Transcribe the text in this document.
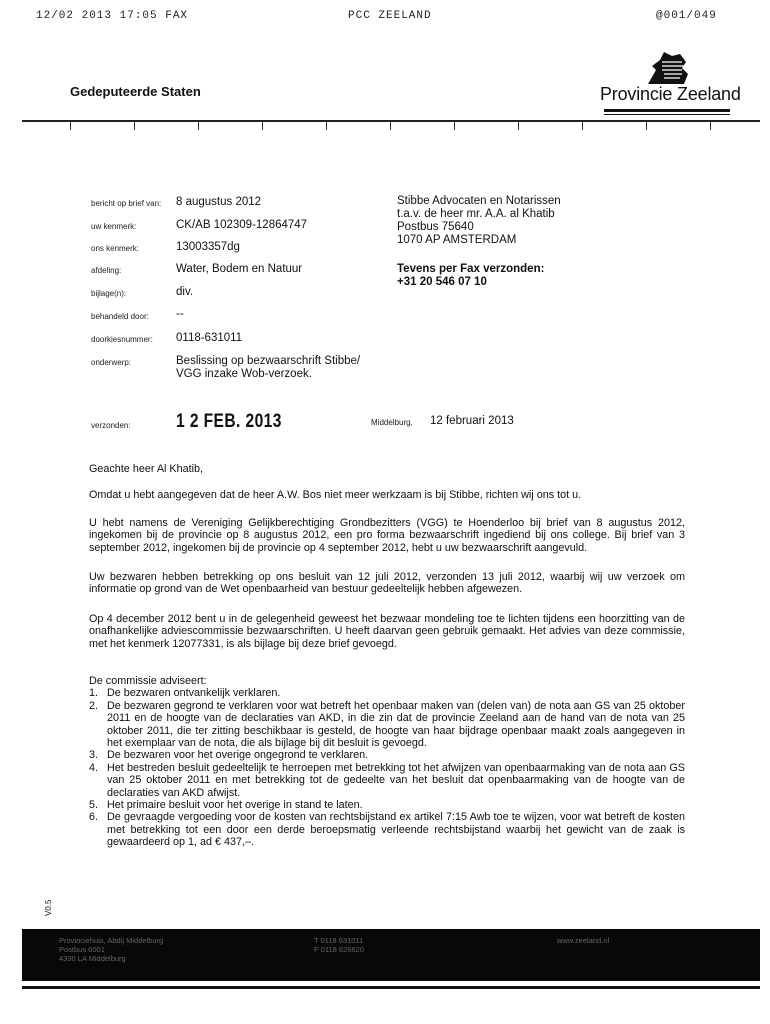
12/02 2013 17:05 FAX	PCC ZEELAND	@001/049
Gedeputeerde Staten	Provincie Zeeland
bericht op brief van: 8 augustus 2012
uw kenmerk:	CK/AB 102309-12864747
ons kenmerk:	13003357dg
afdeling:	Water, Bodem en Natuur
bijlage(n):	div.
behandeld door: --
doorkiesnummer: 0118-631011
onderwerp:	Beslissing op bezwaarschrift Stibbe/
VGG inzake Wob-verzoek.
verzonden: 1 2 FEB. 2013	Middelburg, 12 februari 2013
Stibbe Advocaten en Notarissen
t.a.v. de heer mr. A.A. al Khatib
Postbus 75640
1070 AP AMSTERDAM
Tevens per Fax verzonden:
+31 20 546 07 10
Geachte heer Al Khatib,
Omdat u hebt aangegeven dat de heer A.W. Bos niet meer werkzaam is bij Stibbe, richten wij ons tot u.
U hebt namens de Vereniging Gelijkberechtiging Grondbezitters (VGG) te Hoenderloo bij brief van 8 augustus 2012, ingekomen bij de provincie op 8 augustus 2012, een pro forma bezwaarschrift ingediend bij ons college. Bij brief van 3 september 2012, ingekomen bij de provincie op 4 september 2012, hebt u uw bezwaarschrift aangevuld.
Uw bezwaren hebben betrekking op ons besluit van 12 juli 2012, verzonden 13 juli 2012, waarbij wij uw verzoek om informatie op grond van de Wet openbaarheid van bestuur gedeeltelijk hebben afgewezen.
Op 4 december 2012 bent u in de gelegenheid geweest het bezwaar mondeling toe te lichten tijdens een hoorzitting van de onafhankelijke adviescommissie bezwaarschriften. U heeft daarvan geen gebruik gemaakt. Het advies van deze commissie, met het kenmerk 12077331, is als bijlage bij deze brief gevoegd.

De commissie adviseert:

1. De bezwaren ontvankelijk verklaren.
2. De bezwaren gegrond te verklaren voor wat betreft het openbaar maken van (delen van) de nota aan GS van 25 oktober 2011 en de hoogte van de declaraties van AKD, in die zin dat de provincie Zeeland aan de hand van de nota van 25 oktober 2011, die ter zitting beschikbaar is gesteld, de hoogte van haar bijdrage openbaar maakt zoals aangegeven in het exemplaar van de nota, die als bijlage bij dit besluit is gevoegd.
3. De bezwaren voor het overige ongegrond te verklaren.
4. Het bestreden besluit gedeeltelijk te herroepen met betrekking tot het afwijzen van openbaarmaking van de nota aan GS van 25 oktober 2011 en met betrekking tot de gedeelte van het besluit dat openbaarmaking van de hoogte van de declaraties van AKD afwijst.
5. Het primaire besluit voor het overige in stand te laten.
6. De gevraagde vergoeding voor de kosten van rechtsbijstand ex artikel 7:15 Awb toe te wijzen, voor wat betreft de kosten met betrekking tot een door een derde beroepsmatig verleende rechtsbijstand waarbij het gewicht van de zaak is gewaardeerd op 1, ad € 437,–.
V0.5
Provinciehuis, Abdij Middelburg
Postbus 6001
4330 LA Middelburg
T 0118 631011
F 0118 626620
www.zeeland.nl
